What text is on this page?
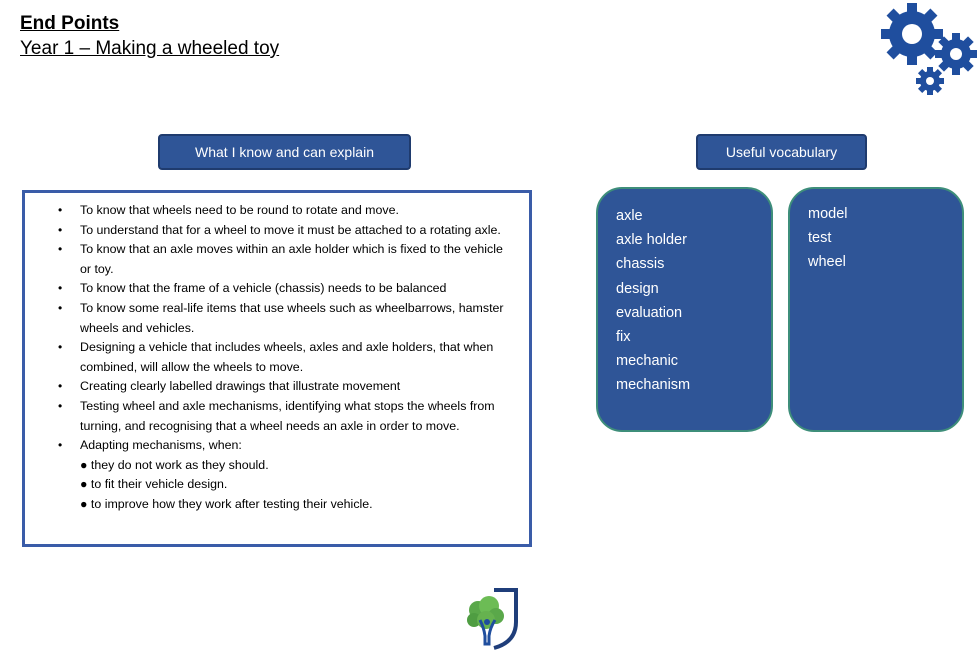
End Points
Year 1 – Making a wheeled toy
What I know and can explain	Useful vocabulary
• To know that wheels need to be round to rotate and move.
• To understand that for a wheel to move it must be attached to a rotating axle.
• To know that an axle moves within an axle holder which is fixed to the vehicle or toy.
• To know that the frame of a vehicle (chassis) needs to be balanced
• To know some real-life items that use wheels such as wheelbarrows, hamster wheels and vehicles.
• Designing a vehicle that includes wheels, axles and axle holders, that when combined, will allow the wheels to move.
• Creating clearly labelled drawings that illustrate movement
• Testing wheel and axle mechanisms, identifying what stops the wheels from turning, and recognising that a wheel needs an axle in order to move.
• Adapting mechanisms, when:
● they do not work as they should.
● to fit their vehicle design.
● to improve how they work after testing their vehicle.
axle
axle holder
chassis
design
evaluation
fix
mechanic
mechanism
model
test
wheel
